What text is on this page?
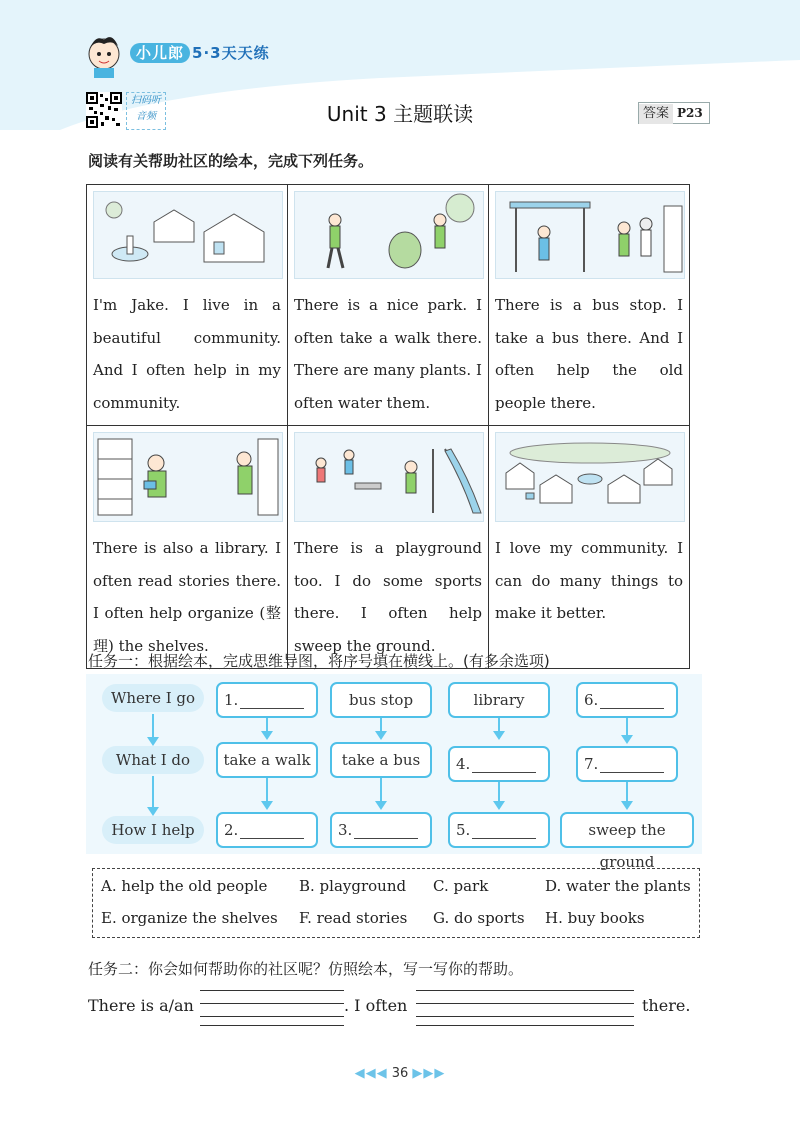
小儿郎 5·3天天练
扫码听音频	Unit 3 主题联读	答案 P23
阅读有关帮助社区的绘本，完成下列任务。
I'm Jake. I live in a beautiful community. And I often help in my community.	There is a nice park. I often take a walk there. There are many plants. I often water them.	There is a bus stop. I take a bus there. And I often help the old people there.

There is also a library. I often read stories there. I often help organize (整理) the shelves.	There is a playground too. I do some sports there. I often help sweep the ground.	I love my community. I can do many things to make it better.
任务一：根据绘本，完成思维导图，将序号填在横线上。(有多余选项)
Where I go
What I do
How I help
1.	bus stop	library	6.
take a walk	take a bus	4.	7.
2.	3.	5.	sweep the ground
A. help the old people B. playground C. park	D. water the plants
E. organize the shelves F. read stories G. do sports H. buy books
任务二：你会如何帮助你的社区呢？仿照绘本，写一写你的帮助。
There is a/an	. I often	there.
◀◀◀ 36 ▶▶▶
